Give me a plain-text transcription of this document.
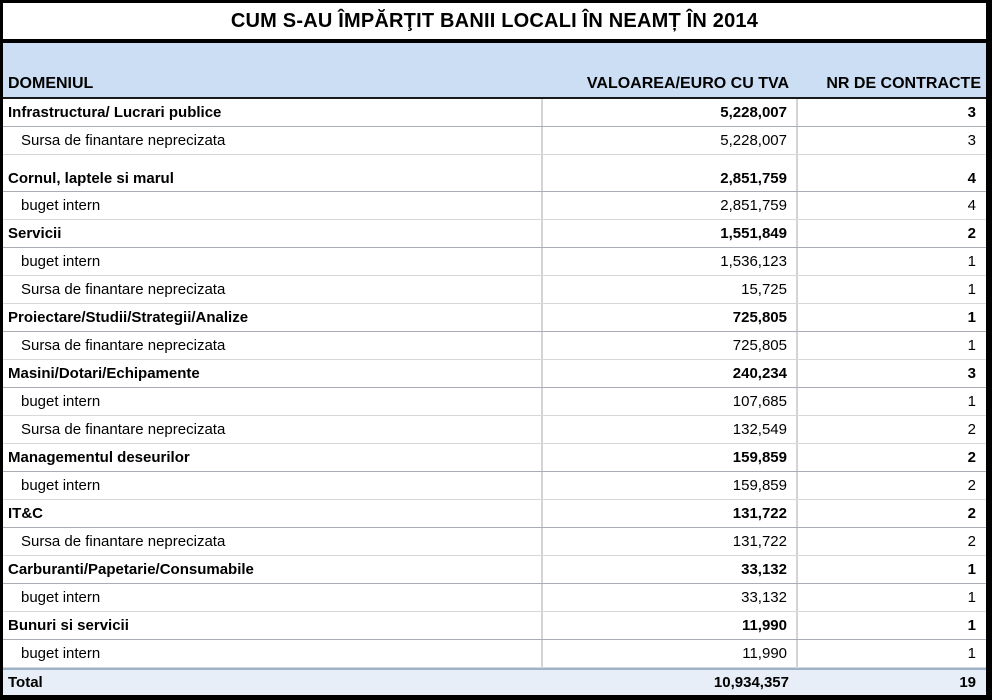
CUM S-AU ÎMPĂRŢIT BANII LOCALI ÎN NEAMȚ ÎN 2014
DOMENIUL	VALOAREA/EURO CU TVA	NR DE CONTRACTE
Infrastructura/ Lucrari publice	5,228,007	3
Sursa de finantare neprecizata	5,228,007	3
Cornul, laptele si marul	2,851,759	4
buget intern	2,851,759	4
Servicii	1,551,849	2
buget intern	1,536,123	1
Sursa de finantare neprecizata	15,725	1
Proiectare/Studii/Strategii/Analize	725,805	1
Sursa de finantare neprecizata	725,805	1
Masini/Dotari/Echipamente	240,234	3
buget intern	107,685	1
Sursa de finantare neprecizata	132,549	2
Managementul deseurilor	159,859	2
buget intern	159,859	2
IT&C	131,722	2
Sursa de finantare neprecizata	131,722	2
Carburanti/Papetarie/Consumabile	33,132	1
buget intern	33,132	1
Bunuri si servicii	11,990	1
buget intern	11,990	1
Total	10,934,357	19
